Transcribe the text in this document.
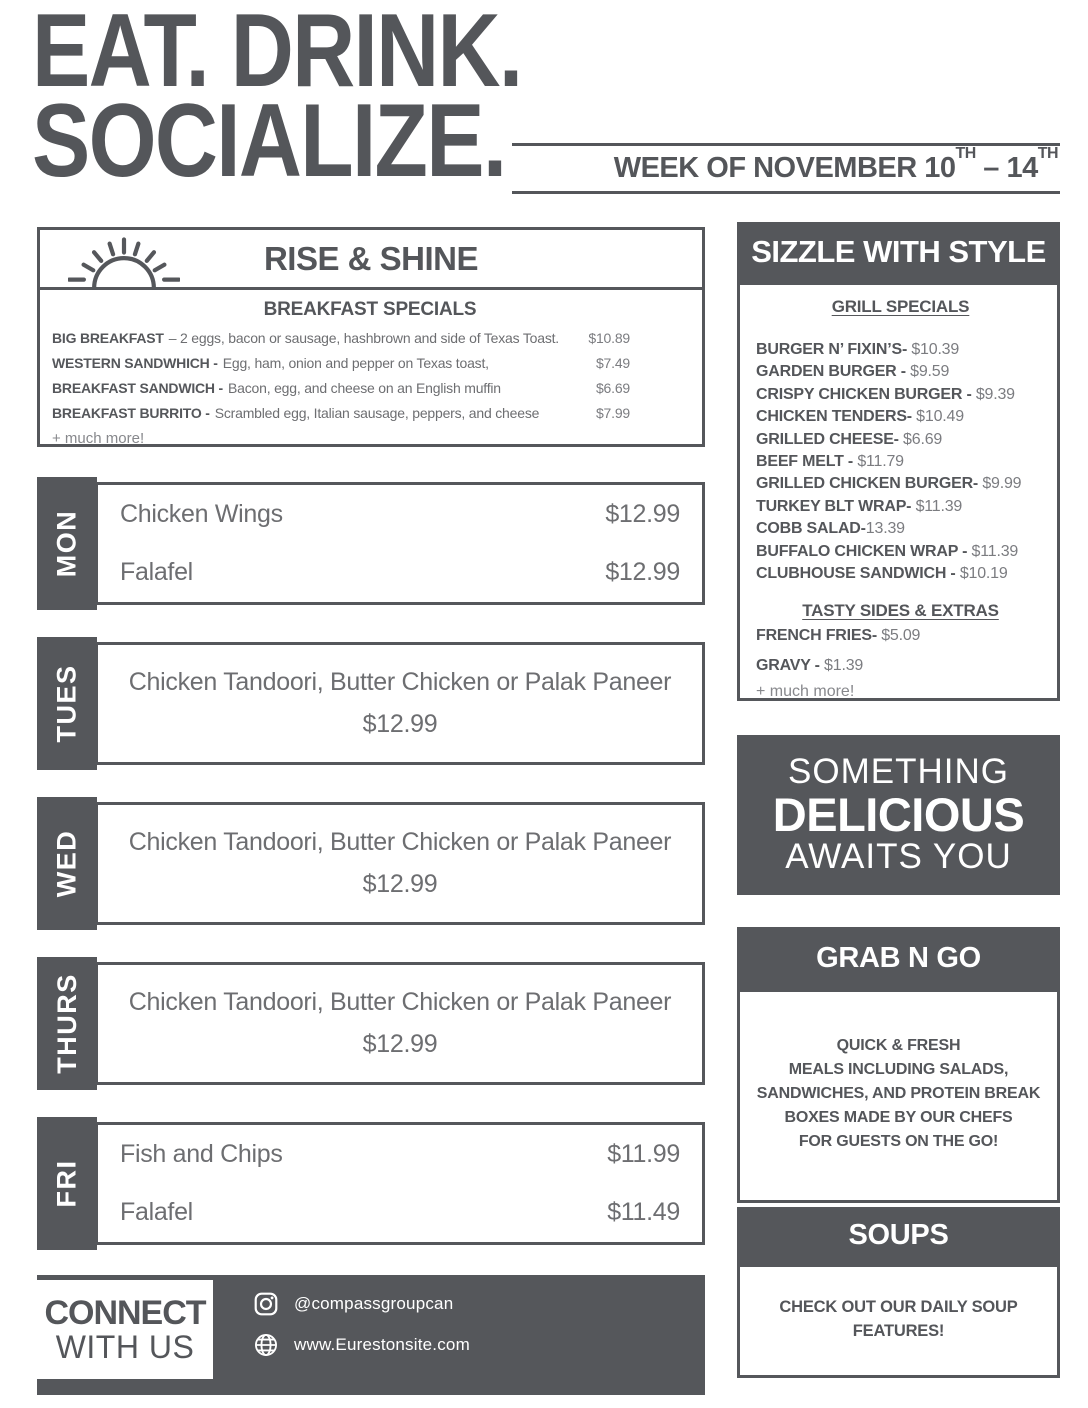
EAT. DRINK.
SOCIALIZE.	WEEK OF NOVEMBER 10TH – 14TH
RISE & SHINE
BREAKFAST SPECIALS
BIG BREAKFAST – 2 eggs, bacon or sausage, hashbrown and side of Texas Toast.	$10.89
WESTERN SANDWHICH - Egg, ham, onion and pepper on Texas toast,	$7.49
BREAKFAST SANDWICH - Bacon, egg, and cheese on an English muffin	$6.69
BREAKFAST BURRITO - Scrambled egg, Italian sausage, peppers, and cheese	$7.99
+ much more!
MON Chicken Wings	$12.99
Falafel	$12.99
TUES Chicken Tandoori, Butter Chicken or Palak Paneer
$12.99
WED Chicken Tandoori, Butter Chicken or Palak Paneer
$12.99
THURS Chicken Tandoori, Butter Chicken or Palak Paneer
$12.99
FRI
Fish and Chips	$11.99
Falafel	$11.49
CONNECT
WITH US
@compassgroupcan
www.Eurestonsite.com
SIZZLE WITH STYLE
GRILL SPECIALS
BURGER N’ FIXIN’S- $10.39
GARDEN BURGER - $9.59
CRISPY CHICKEN BURGER - $9.39
CHICKEN TENDERS- $10.49
GRILLED CHEESE- $6.69
BEEF MELT - $11.79
GRILLED CHICKEN BURGER- $9.99
TURKEY BLT WRAP- $11.39
COBB SALAD-13.39
BUFFALO CHICKEN WRAP - $11.39
CLUBHOUSE SANDWICH - $10.19
TASTY SIDES & EXTRAS
FRENCH FRIES- $5.09
GRAVY - $1.39
+ much more!
SOMETHING
DELICIOUS
AWAITS YOU
GRAB N GO
QUICK & FRESH
MEALS INCLUDING SALADS,
SANDWICHES, AND PROTEIN BREAK
BOXES MADE BY OUR CHEFS
FOR GUESTS ON THE GO!
SOUPS
CHECK OUT OUR DAILY SOUP
FEATURES!
